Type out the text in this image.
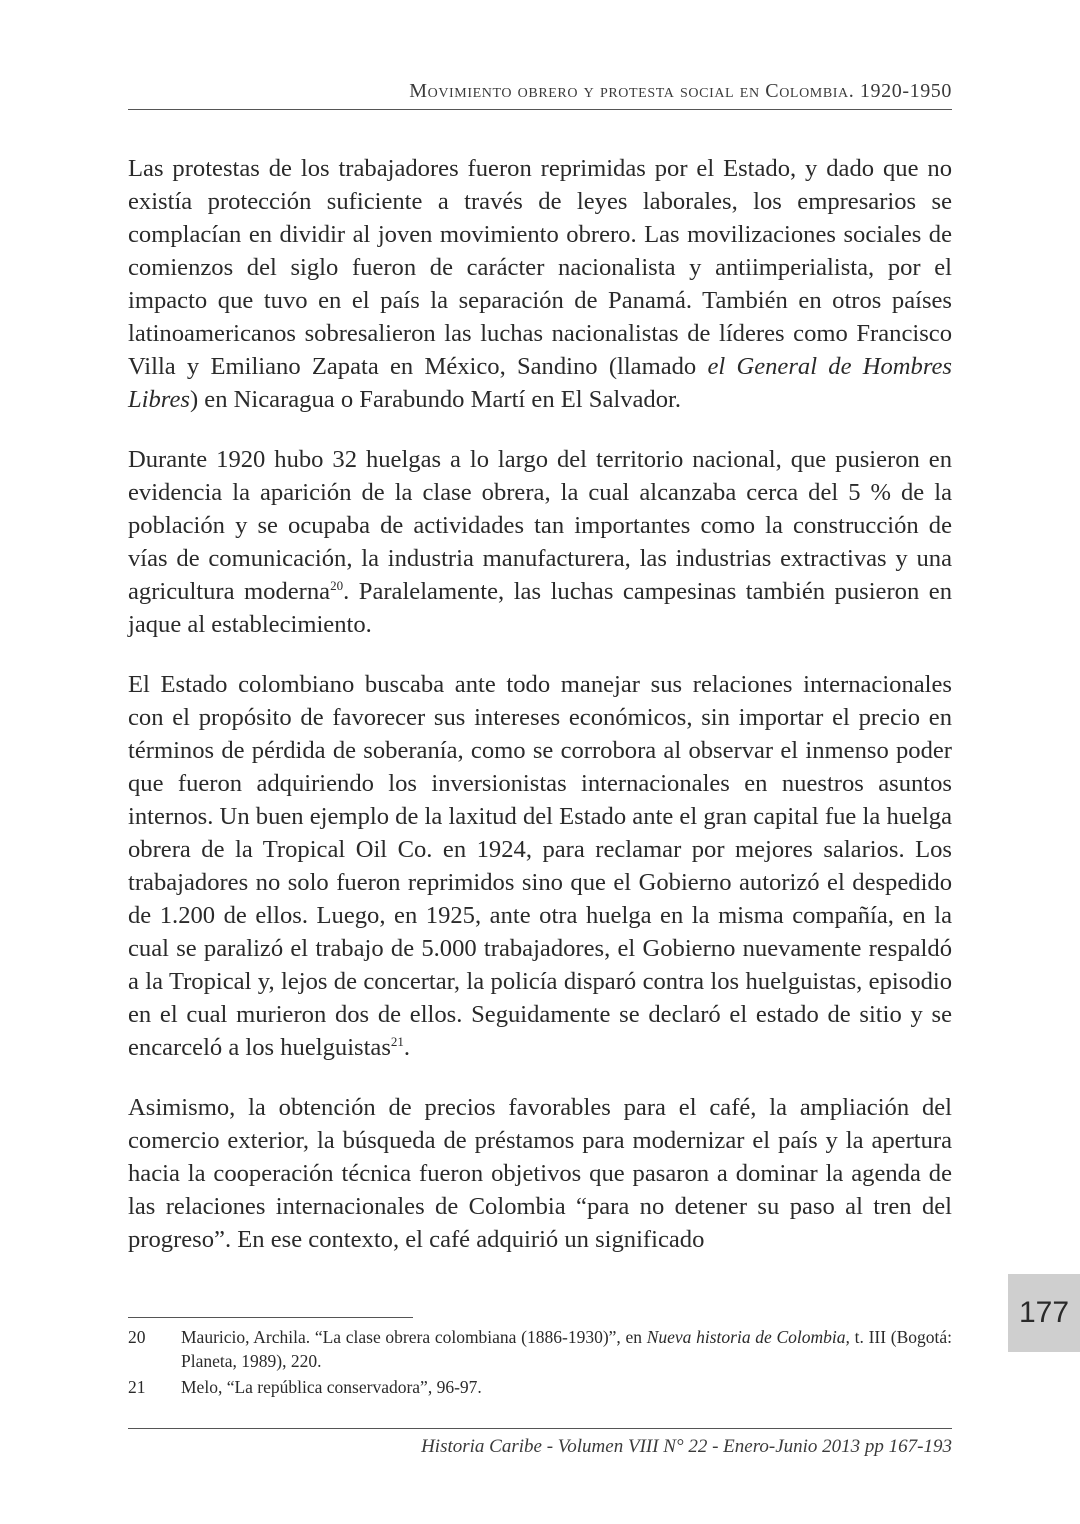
Movimiento obrero y protesta social en Colombia. 1920-1950

Las protestas de los trabajadores fueron reprimidas por el Estado, y dado que no existía protección suficiente a través de leyes laborales, los empresarios se complacían en dividir al joven movimiento obrero. Las movilizaciones sociales de comienzos del siglo fueron de carácter nacionalista y antiimperialista, por el impacto que tuvo en el país la separación de Panamá. También en otros países latinoamericanos sobresalieron las luchas nacionalistas de líderes como Francisco Villa y Emiliano Zapata en México, Sandino (llamado el General de Hombres Libres) en Nicaragua o Farabundo Martí en El Salvador.

Durante 1920 hubo 32 huelgas a lo largo del territorio nacional, que pusieron en evidencia la aparición de la clase obrera, la cual alcanzaba cerca del 5 % de la población y se ocupaba de actividades tan importantes como la construcción de vías de comunicación, la industria manufacturera, las industrias extractivas y una agricultura moderna$^{20}$. Paralelamente, las luchas campesinas también pusieron en jaque al establecimiento.

El Estado colombiano buscaba ante todo manejar sus relaciones internacionales con el propósito de favorecer sus intereses económicos, sin importar el precio en términos de pérdida de soberanía, como se corrobora al observar el inmenso poder que fueron adquiriendo los inversionistas internacionales en nuestros asuntos internos. Un buen ejemplo de la laxitud del Estado ante el gran capital fue la huelga obrera de la Tropical Oil Co. en 1924, para reclamar por mejores salarios. Los trabajadores no solo fueron reprimidos sino que el Gobierno autorizó el despedido de 1.200 de ellos. Luego, en 1925, ante otra huelga en la misma compañía, en la cual se paralizó el trabajo de 5.000 trabajadores, el Gobierno nuevamente respaldó a la Tropical y, lejos de concertar, la policía disparó contra los huelguistas, episodio en el cual murieron dos de ellos. Seguidamente se declaró el estado de sitio y se encarceló a los huelguistas$^{21}$.

Asimismo, la obtención de precios favorables para el café, la ampliación del comercio exterior, la búsqueda de préstamos para modernizar el país y la apertura hacia la cooperación técnica fueron objetivos que pasaron a dominar la agenda de las relaciones internacionales de Colombia “para no detener su paso al tren del progreso”. En ese contexto, el café adquirió un significado

177
20	Mauricio, Archila. “La clase obrera colombiana (1886-1930)”, en Nueva historia de Colombia, t. III (Bogotá: Planeta, 1989), 220.
21	Melo, “La república conservadora”, 96-97.
Historia Caribe - Volumen VIII N° 22 - Enero-Junio 2013 pp 167-193
